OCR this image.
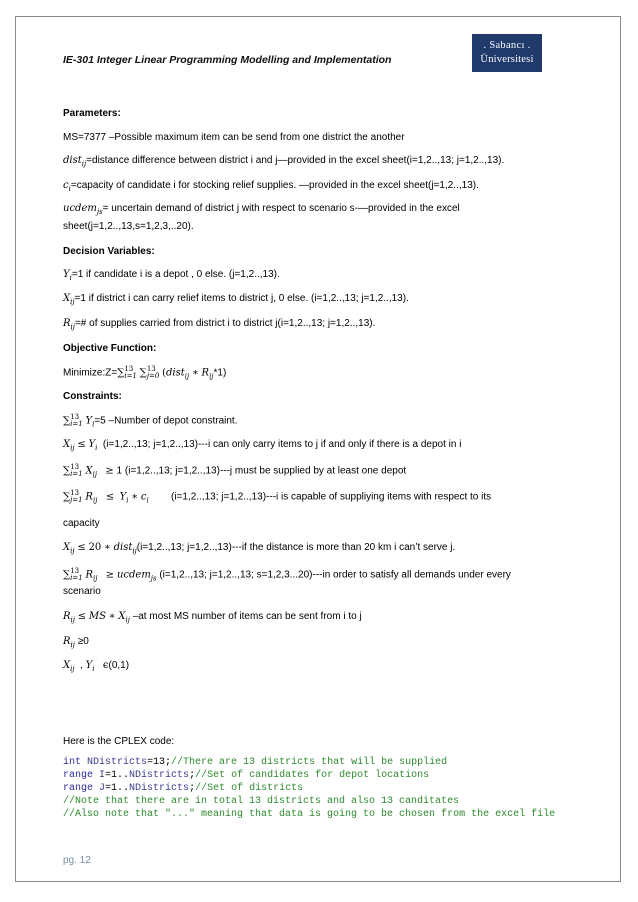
IE-301 Integer Linear Programming Modelling and Implementation
. Sabancı .
Üniversitesi
Parameters:
MS=7377 –Possible maximum item can be send from one district the another
dist$_{ij}$=distance difference between district i and j—provided in the excel sheet(i=1,2..,13; j=1,2..,13).
$c_i=capacity$ of candidate i for stocking relief supplies. —provided in the excel sheet(j=1,2..,13).
ucdem$_{js}$= uncertain demand of district j with respect to scenario s-—provided in the excel
sheet(j=1,2..,13,s=1,2,3,..20).
Decision Variables:
$Y_i=1$ if candidate i is a depot , 0 else. (j=1,2..,13).
$X_{ij}=1$ if district i can carry relief items to district j, 0 else. (i=1,2..,13; j=1,2..,13).
$R_{ij}=\#$ of supplies carried from district i to district j(i=1,2..,13; j=1,2..,13).
Objective Function:
Minimize:Z=∑ 13
i=1 ∑ 13
j=0 (dist$_{ij}$ ∗ $R_{ij}*1$)
Constraints:
∑ 13
i=1 $Y_i=5$ –Number of depot constraint.
$X_{ij} \le Y_i$ (i=1,2..,13; j=1,2..,13)---i can only carry items to j if and only if there is a depot in i
∑ 13
i=1 $X_{ij} \ge 1$ (i=1,2..,13; j=1,2..,13)---j must be supplied by at least one depot
∑ 13
j=1 $R_{ij} \le Y_i$ ∗ $c_i$ (i=1,2..,13; j=1,2..,13)---i is capable of suppliying items with respect to its
capacity
$X_{ij} \le 20$ ∗ dist$_{ij}$(i=1,2..,13; j=1,2..,13)---if the distance is more than 20 km i can’t serve j.
∑ 13
i=1 $R_{ij}$ ≥ ucdem$_{js}$ (i=1,2..,13; j=1,2..,13; s=1,2,3...20)---in order to satisfy all demands under every
scenario
$R_{ij}$ ≤ MS ∗ $X_{ij}$ –at most MS number of items can be sent from i to j
$R_{ij} \ge 0$
$X_{ij}$  , $Y_i$ ϵ(0,1)
Here is the CPLEX code:
int NDistricts=13;//There are 13 districts that will be supplied
range I=1..NDistricts;//Set of candidates for depot locations
range J=1..NDistricts;//Set of districts
//Note that there are in total 13 districts and also 13 canditates
//Also note that "..." meaning that data is going to be chosen from the excel file
pg. 12
